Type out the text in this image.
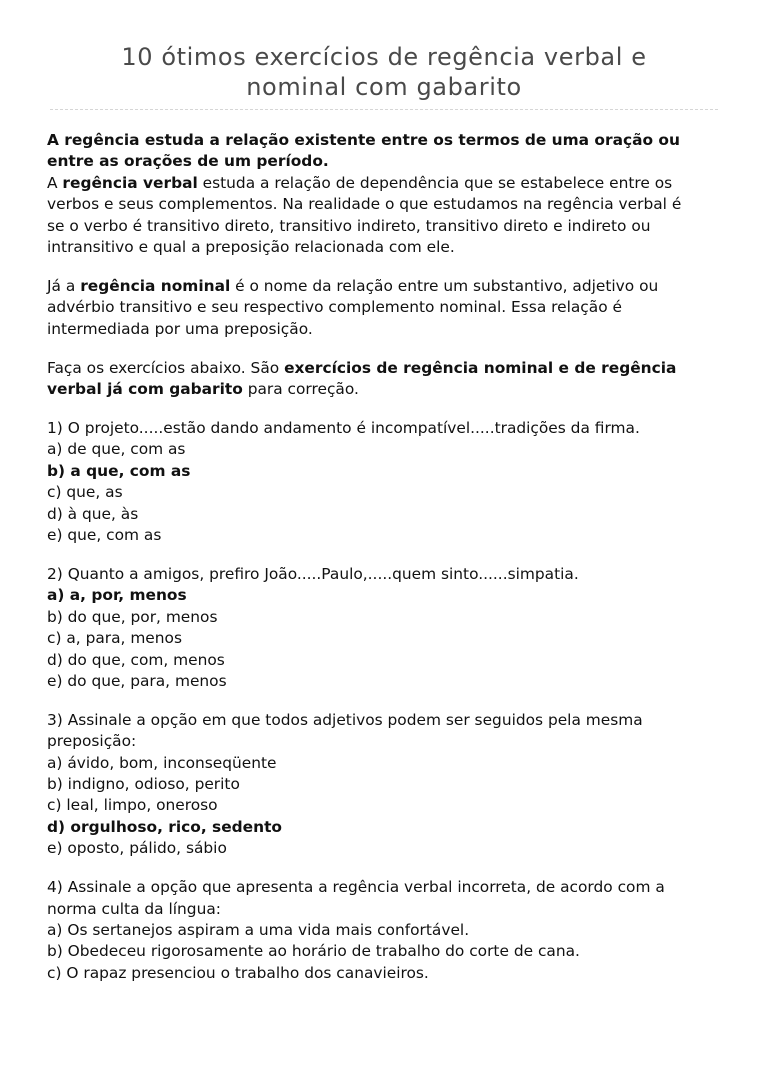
10 ótimos exercícios de regência verbal e
nominal com gabarito
A regência estuda a relação existente entre os termos de uma oração ou
entre as orações de um período.
A regência verbal estuda a relação de dependência que se estabelece entre os
verbos e seus complementos. Na realidade o que estudamos na regência verbal é
se o verbo é transitivo direto, transitivo indireto, transitivo direto e indireto ou
intransitivo e qual a preposição relacionada com ele.
Já a regência nominal é o nome da relação entre um substantivo, adjetivo ou
advérbio transitivo e seu respectivo complemento nominal. Essa relação é
intermediada por uma preposição.
Faça os exercícios abaixo. São exercícios de regência nominal e de regência
verbal já com gabarito para correção.
1) O projeto.....estão dando andamento é incompatível.....tradições da firma.
a) de que, com as
b) a que, com as
c) que, as
d) à que, às
e) que, com as
2) Quanto a amigos, prefiro João.....Paulo,.....quem sinto......simpatia.
a) a, por, menos
b) do que, por, menos
c) a, para, menos
d) do que, com, menos
e) do que, para, menos
3) Assinale a opção em que todos adjetivos podem ser seguidos pela mesma
preposição:
a) ávido, bom, inconseqüente
b) indigno, odioso, perito
c) leal, limpo, oneroso
d) orgulhoso, rico, sedento
e) oposto, pálido, sábio
4) Assinale a opção que apresenta a regência verbal incorreta, de acordo com a
norma culta da língua:
a) Os sertanejos aspiram a uma vida mais confortável.
b) Obedeceu rigorosamente ao horário de trabalho do corte de cana.
c) O rapaz presenciou o trabalho dos canavieiros.
